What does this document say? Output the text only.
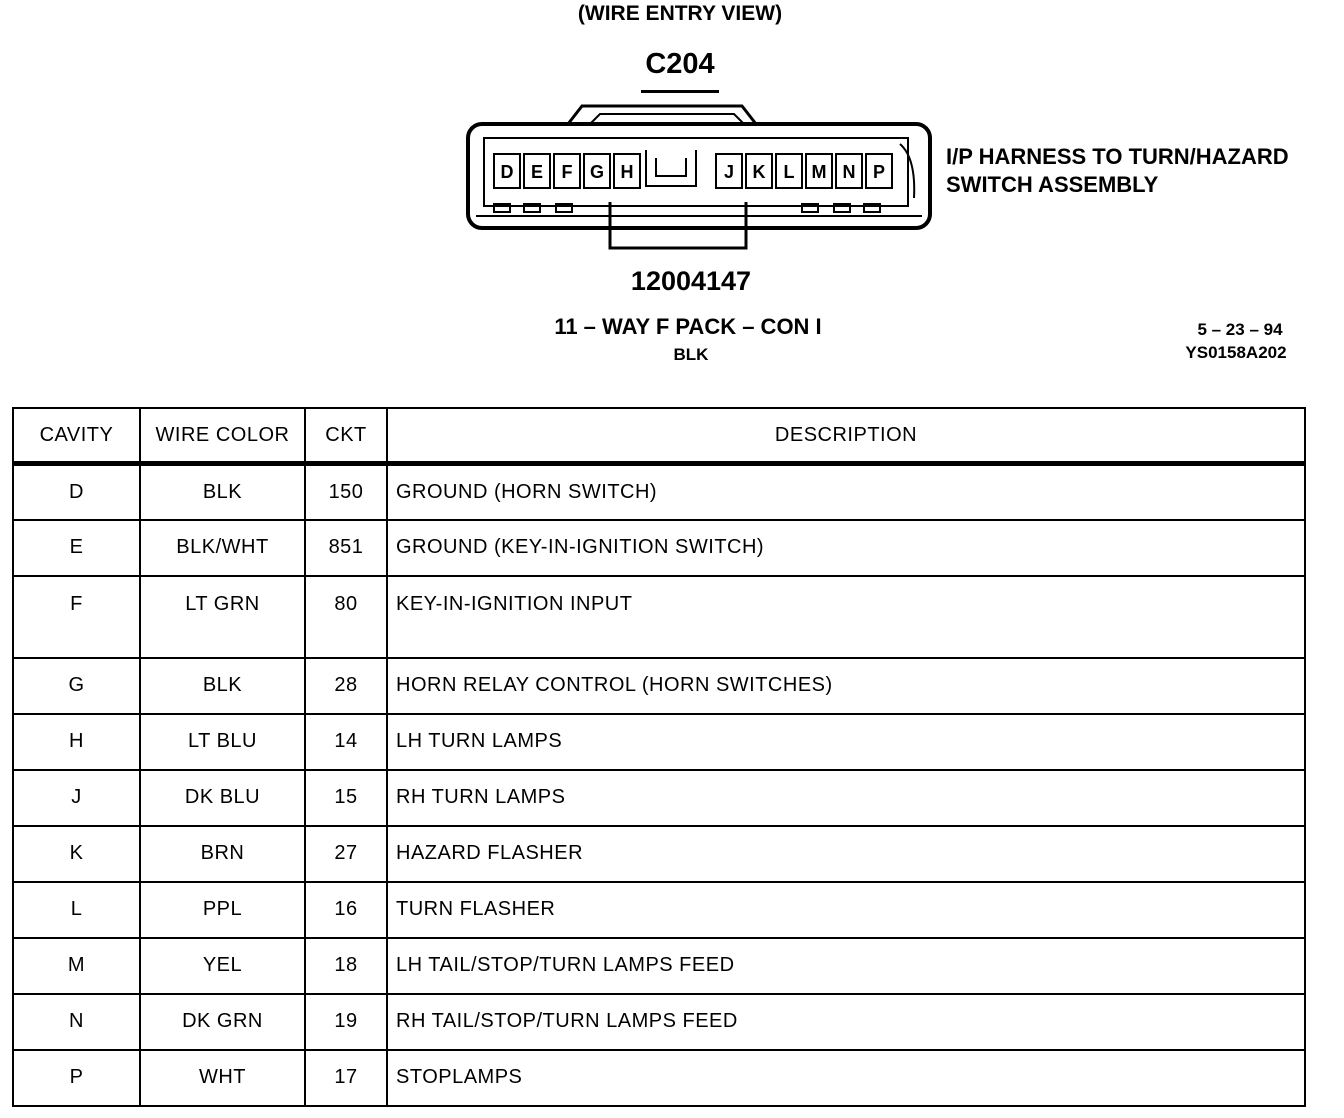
(WIRE ENTRY VIEW)
C204
D E F G H	J K L M N P
I/P HARNESS TO TURN/HAZARD
SWITCH ASSEMBLY
12004147
11 – WAY F PACK – CON I
BLK
5 – 23 – 94
YS0158A202
CAVITY	WIRE COLOR	CKT	DESCRIPTION
D	BLK	150	GROUND (HORN SWITCH)
E	BLK/WHT	851	GROUND (KEY-IN-IGNITION SWITCH)
F	LT GRN	80	KEY-IN-IGNITION INPUT
G	BLK	28	HORN RELAY CONTROL (HORN SWITCHES)
H	LT BLU	14	LH TURN LAMPS
J	DK BLU	15	RH TURN LAMPS
K	BRN	27	HAZARD FLASHER
L	PPL	16	TURN FLASHER
M	YEL	18	LH TAIL/STOP/TURN LAMPS FEED
N	DK GRN	19	RH TAIL/STOP/TURN LAMPS FEED
P	WHT	17	STOPLAMPS
